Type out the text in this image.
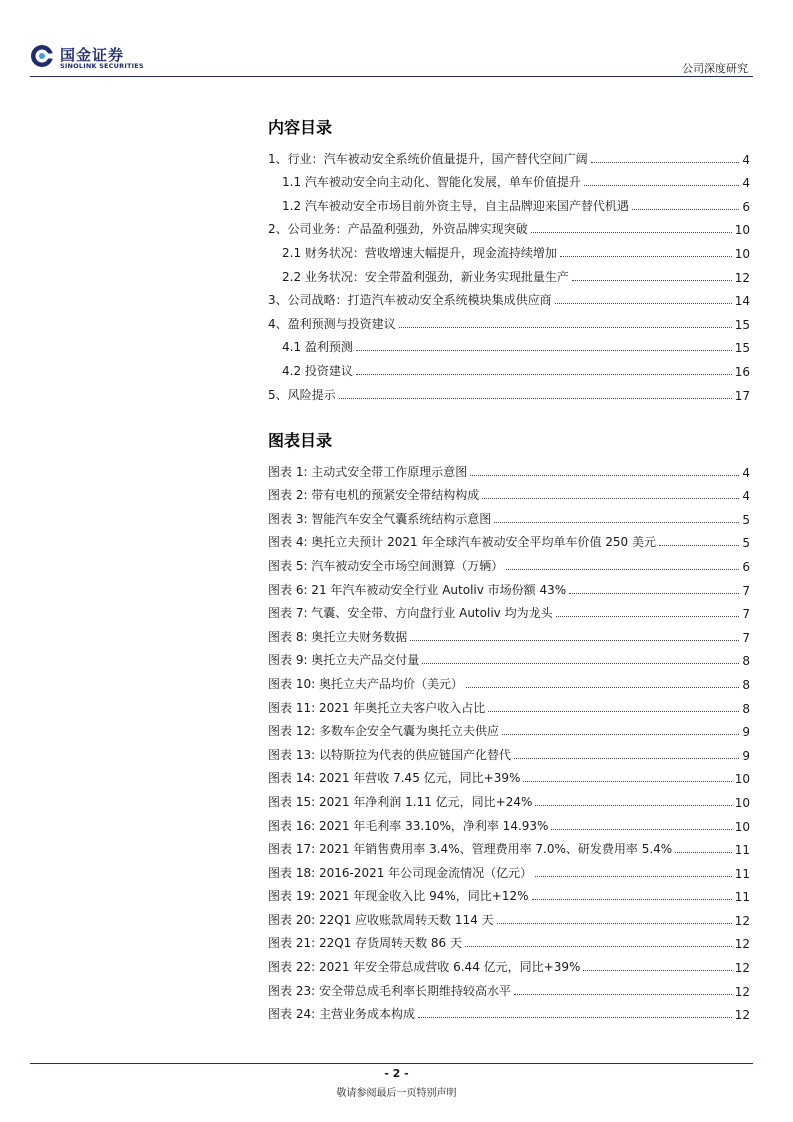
国金证券
SINOLINK SECURITIES	公司深度研究
内容目录
1、行业：汽车被动安全系统价值量提升，国产替代空间广阔	4
1.1 汽车被动安全向主动化、智能化发展，单车价值提升	4
1.2 汽车被动安全市场目前外资主导，自主品牌迎来国产替代机遇	6
2、公司业务：产品盈利强劲，外资品牌实现突破	10
2.1 财务状况：营收增速大幅提升，现金流持续增加	10
2.2 业务状况：安全带盈利强劲，新业务实现批量生产	12
3、公司战略：打造汽车被动安全系统模块集成供应商	14
4、盈利预测与投资建议	15
4.1 盈利预测	15
4.2 投资建议	16
5、风险提示	17
图表目录
图表 1: 主动式安全带工作原理示意图	4
图表 2: 带有电机的预紧安全带结构构成	4
图表 3: 智能汽车安全气囊系统结构示意图	5
图表 4: 奥托立夫预计 2021 年全球汽车被动安全平均单车价值 250 美元	5
图表 5: 汽车被动安全市场空间测算（万辆）	6
图表 6: 21 年汽车被动安全行业 Autoliv 市场份额 43%	7
图表 7: 气囊、安全带、方向盘行业 Autoliv 均为龙头	7
图表 8: 奥托立夫财务数据	7
图表 9: 奥托立夫产品交付量	8
图表 10: 奥托立夫产品均价（美元）	8
图表 11: 2021 年奥托立夫客户收入占比	8
图表 12: 多数车企安全气囊为奥托立夫供应	9
图表 13: 以特斯拉为代表的供应链国产化替代	9
图表 14: 2021 年营收 7.45 亿元，同比+39%	10
图表 15: 2021 年净利润 1.11 亿元，同比+24%	10
图表 16: 2021 年毛利率 33.10%，净利率 14.93%	10
图表 17: 2021 年销售费用率 3.4%、管理费用率 7.0%、研发费用率 5.4%	11
图表 18: 2016-2021 年公司现金流情况（亿元）	11
图表 19: 2021 年现金收入比 94%，同比+12%	11
图表 20: 22Q1 应收账款周转天数 114 天	12
图表 21: 22Q1 存货周转天数 86 天	12
图表 22: 2021 年安全带总成营收 6.44 亿元，同比+39%	12
图表 23: 安全带总成毛利率长期维持较高水平	12
图表 24: 主营业务成本构成	12
- 2 -
敬请参阅最后一页特别声明
